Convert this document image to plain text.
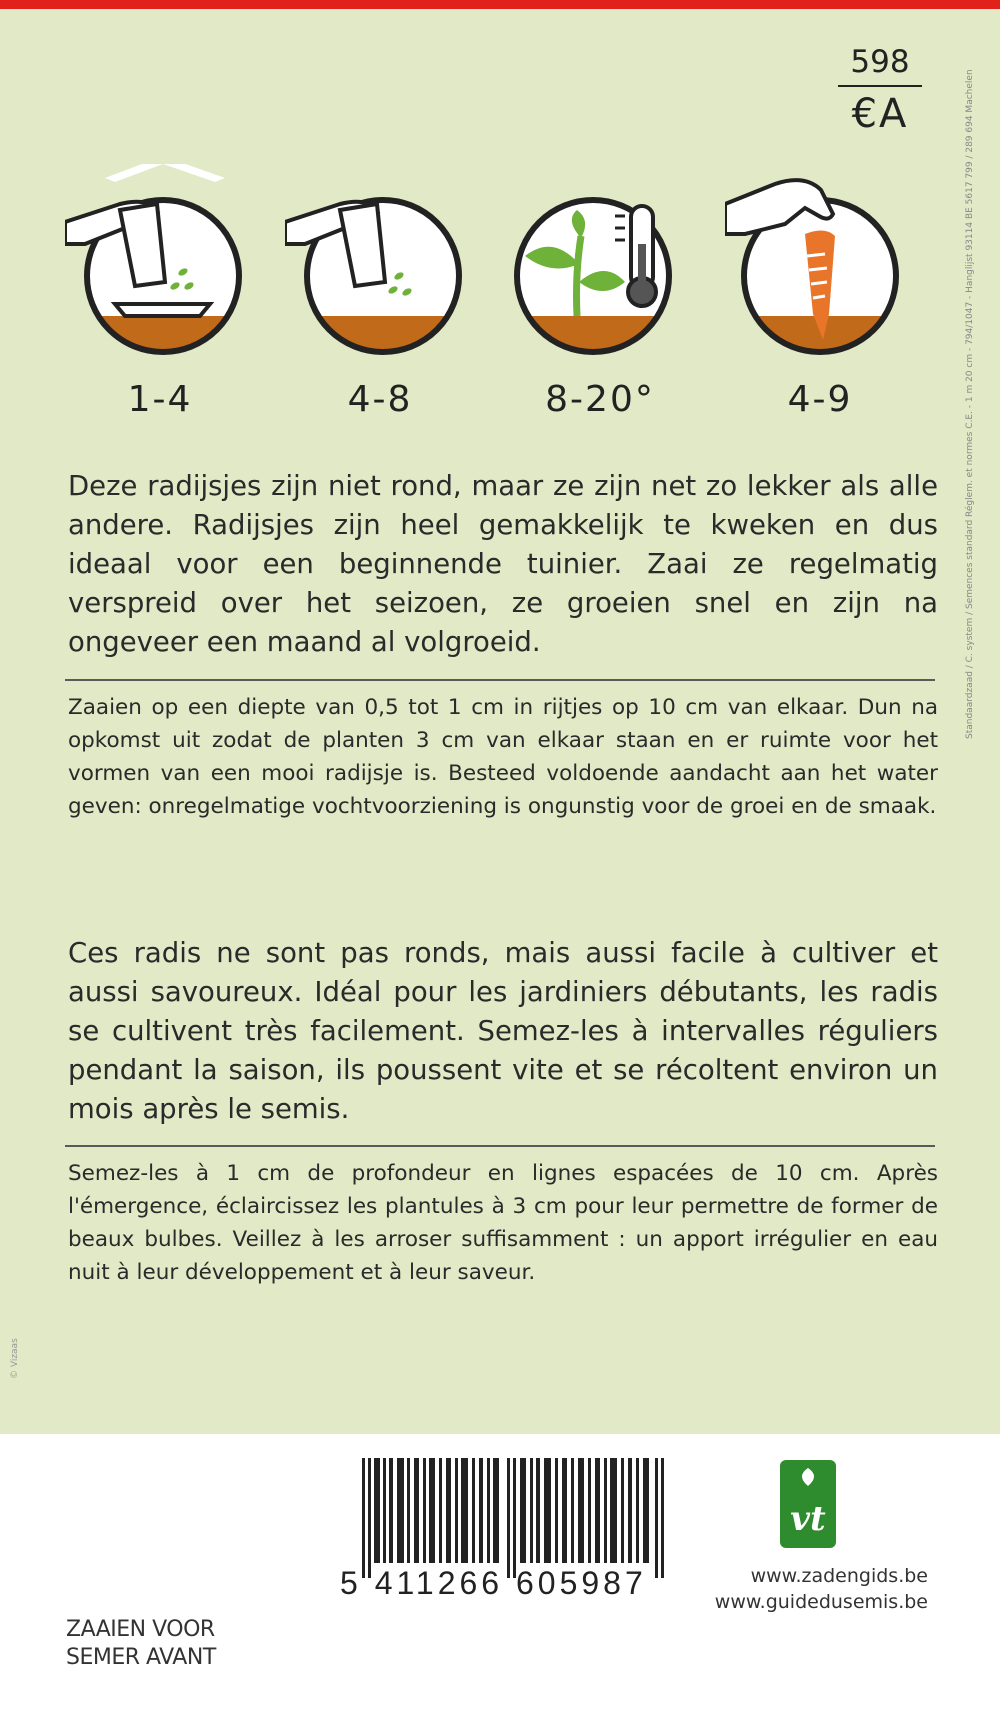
598
€A
1-4	4-8	8-20°	4-9

Deze radijsjes zijn niet rond, maar ze zijn net zo lekker als alle andere. Radijsjes zijn heel gemakkelijk te kweken en dus ideaal voor een beginnende tuinier. Zaai ze regelmatig verspreid over het seizoen, ze groeien snel en zijn na ongeveer een maand al volgroeid.

Zaaien op een diepte van 0,5 tot 1 cm in rijtjes op 10 cm van elkaar. Dun na opkomst uit zodat de planten 3 cm van elkaar staan en er ruimte voor het vormen van een mooi radijsje is. Besteed voldoende aandacht aan het water geven: onregelmatige vochtvoorziening is ongunstig voor de groei en de smaak.

Ces radis ne sont pas ronds, mais aussi facile à cultiver et aussi savoureux. Idéal pour les jardiniers débutants, les radis se cultivent très facilement. Semez-les à intervalles réguliers pendant la saison, ils poussent vite et se récoltent environ un mois après le semis.

Semez-les à 1 cm de profondeur en lignes espacées de 10 cm. Après l'émergence, éclaircissez les plantules à 3 cm pour leur permettre de former de beaux bulbes. Veillez à les arroser suffisamment : un apport irrégulier en eau nuit à leur développement et à leur saveur.

Standaardzaad / C. system / Semences standard Réglem. et normes C.E. - 1 m 20 cm - 794/1047 - Hanglijst 93114 BE 5617 799 / 289 694 Machelen
© Vizaas
5 411266 605987
vt
www.zadengids.be
www.guidedusemis.be
ZAAIEN VOOR
SEMER AVANT
